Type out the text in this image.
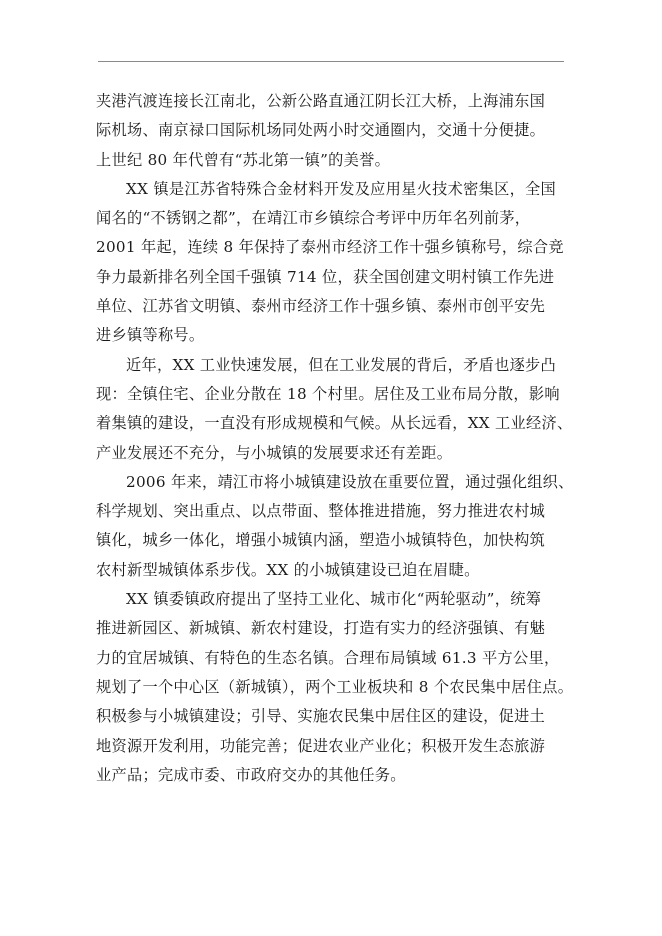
夹港汽渡连接长江南北，公新公路直通江阴长江大桥，上海浦东国
际机场、南京禄口国际机场同处两小时交通圈内，交通十分便捷。
上世纪 80 年代曾有“苏北第一镇”的美誉。
XX 镇是江苏省特殊合金材料开发及应用星火技术密集区，全国
闻名的“不锈钢之都”，在靖江市乡镇综合考评中历年名列前茅，
2001 年起，连续 8 年保持了泰州市经济工作十强乡镇称号，综合竞
争力最新排名列全国千强镇 714 位，获全国创建文明村镇工作先进
单位、江苏省文明镇、泰州市经济工作十强乡镇、泰州市创平安先
进乡镇等称号。
近年，XX 工业快速发展，但在工业发展的背后，矛盾也逐步凸
现：全镇住宅、企业分散在 18 个村里。居住及工业布局分散，影响
着集镇的建设，一直没有形成规模和气候。从长远看，XX 工业经济、
产业发展还不充分，与小城镇的发展要求还有差距。
2006 年来，靖江市将小城镇建设放在重要位置，通过强化组织、
科学规划、突出重点、以点带面、整体推进措施，努力推进农村城
镇化，城乡一体化，增强小城镇内涵，塑造小城镇特色，加快构筑
农村新型城镇体系步伐。XX 的小城镇建设已迫在眉睫。
XX 镇委镇政府提出了坚持工业化、城市化“两轮驱动”，统筹
推进新园区、新城镇、新农村建设，打造有实力的经济强镇、有魅
力的宜居城镇、有特色的生态名镇。合理布局镇域 61.3 平方公里，
规划了一个中心区（新城镇），两个工业板块和 8 个农民集中居住点。
积极参与小城镇建设；引导、实施农民集中居住区的建设，促进土
地资源开发利用，功能完善；促进农业产业化；积极开发生态旅游
业产品；完成市委、市政府交办的其他任务。
